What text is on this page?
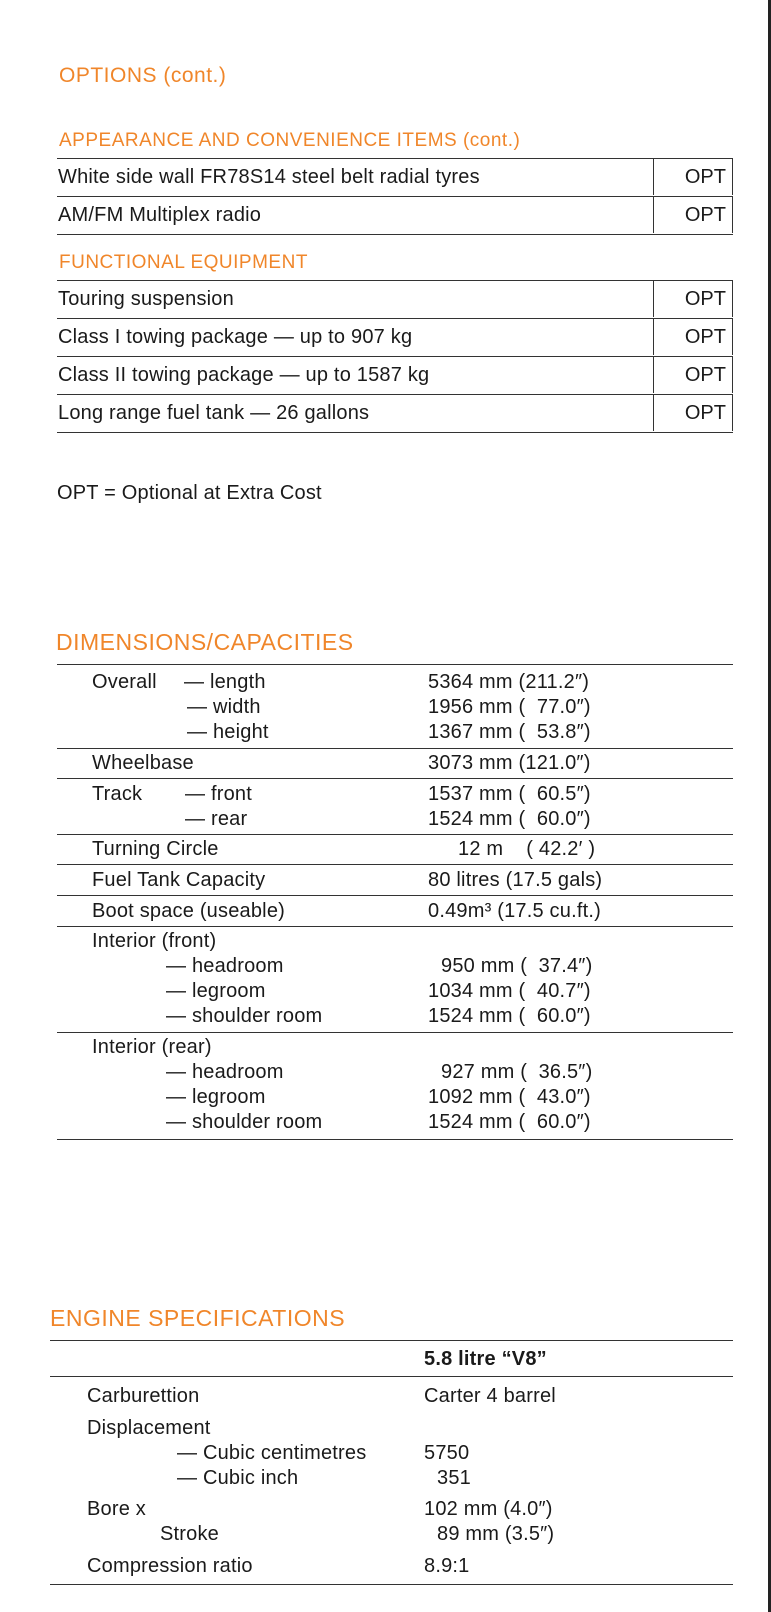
OPTIONS (cont.)
APPEARANCE AND CONVENIENCE ITEMS (cont.)
White side wall FR78S14 steel belt radial tyres	OPT
AM/FM Multiplex radio	OPT
FUNCTIONAL EQUIPMENT
Touring suspension	OPT
Class I towing package — up to 907 kg	OPT
Class II towing package — up to 1587 kg	OPT
Long range fuel tank — 26 gallons	OPT
OPT = Optional at Extra Cost
DIMENSIONS/CAPACITIES
Overall — length	5364 mm (211.2″)
— width	1956 mm (  77.0″)
— height	1367 mm (  53.8″)
Wheelbase	3073 mm (121.0″)
Track — front	1537 mm (  60.5″)
— rear	1524 mm (  60.0″)
Turning Circle	12 m    ( 42.2′ )
Fuel Tank Capacity	80 litres (17.5 gals)
Boot space (useable)	0.49m³ (17.5 cu.ft.)
Interior (front)
— headroom	950 mm (  37.4″)
— legroom	1034 mm (  40.7″)
— shoulder room	1524 mm (  60.0″)
Interior (rear)
— headroom	927 mm (  36.5″)
— legroom	1092 mm (  43.0″)
— shoulder room	1524 mm (  60.0″)
ENGINE SPECIFICATIONS
5.8 litre “V8”
Carburettion	Carter 4 barrel
Displacement
— Cubic centimetres	5750
— Cubic inch	351
Bore x	102 mm (4.0″)
Stroke	89 mm (3.5″)
Compression ratio	8.9:1
